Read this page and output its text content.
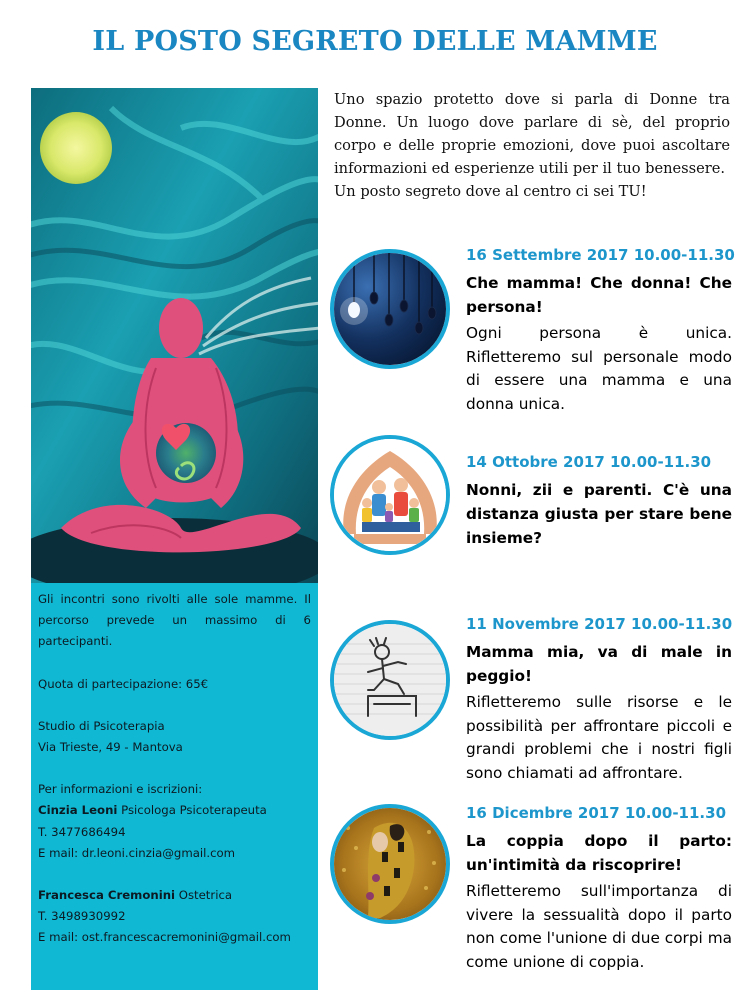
IL POSTO SEGRETO DELLE MAMME

Gli incontri sono rivolti alle sole mamme. Il percorso prevede un massimo di 6

partecipanti.

Quota di partecipazione: 65€

Studio di Psicoterapia

Via Trieste, 49 - Mantova

Per informazioni e iscrizioni:

Cinzia Leoni Psicologa Psicoterapeuta

T. 3477686494

E mail: dr.leoni.cinzia@gmail.com

Francesca Cremonini Ostetrica

T. 3498930992

E mail: ost.francescacremonini@gmail.com

Uno spazio protetto dove si parla di Donne tra Donne. Un luogo dove parlare di sè, del proprio corpo e delle proprie emozioni, dove puoi ascoltare informazioni ed esperienze utili per il tuo benessere.

Un posto segreto dove al centro ci sei TU!

16 Settembre 2017 10.00-11.30
Che mamma! Che donna! Che persona!
Ogni persona è unica. Rifletteremo sul personale modo di essere una mamma e una donna unica.
14 Ottobre 2017 10.00-11.30
Nonni, zii e parenti. C'è una distanza giusta per stare bene insieme?
11 Novembre 2017 10.00-11.30
Mamma mia, va di male in peggio!
Rifletteremo sulle risorse e le possibilità per affrontare piccoli e grandi problemi che i nostri figli sono chiamati ad affrontare.
16 Dicembre 2017 10.00-11.30
La coppia dopo il parto: un'intimità da riscoprire!
Rifletteremo sull'importanza di vivere la sessualità dopo il parto non come l'unione di due corpi ma come unione di coppia.
